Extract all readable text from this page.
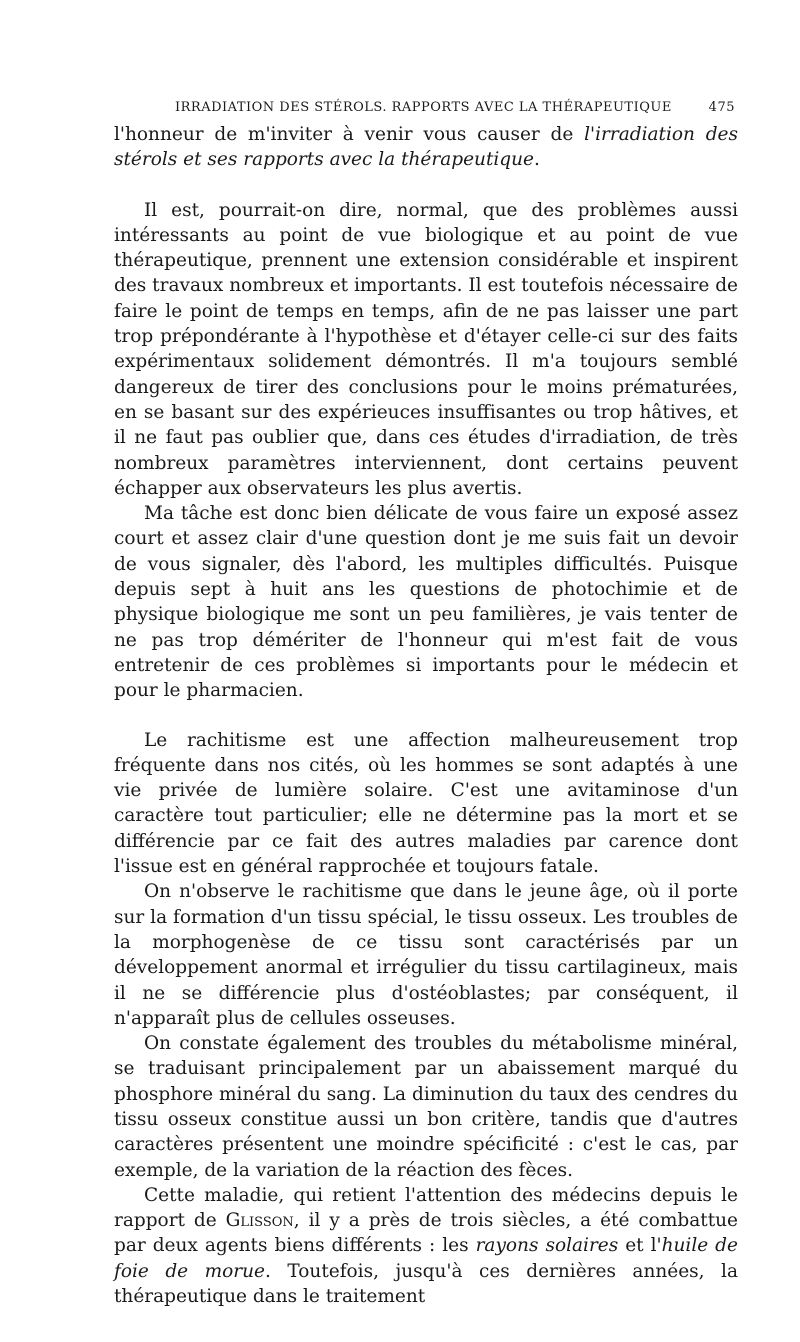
IRRADIATION DES STÉROLS. RAPPORTS AVEC LA THÉRAPEUTIQUE	475

l'honneur de m'inviter à venir vous causer de l'irradiation des stérols et ses rapports avec la thérapeutique.

Il est, pourrait-on dire, normal, que des problèmes aussi intéressants au point de vue biologique et au point de vue thérapeutique, prennent une extension considérable et inspirent des travaux nombreux et importants. Il est toutefois nécessaire de faire le point de temps en temps, afin de ne pas laisser une part trop prépondérante à l'hypothèse et d'étayer celle-ci sur des faits expérimentaux solidement démontrés. Il m'a toujours semblé dangereux de tirer des conclusions pour le moins prématurées, en se basant sur des expérieuces insuffisantes ou trop hâtives, et il ne faut pas oublier que, dans ces études d'irradiation, de très nombreux paramètres interviennent, dont certains peuvent échapper aux observateurs les plus avertis.

Ma tâche est donc bien délicate de vous faire un exposé assez court et assez clair d'une question dont je me suis fait un devoir de vous signaler, dès l'abord, les multiples difficultés. Puisque depuis sept à huit ans les questions de photochimie et de physique biologique me sont un peu familières, je vais tenter de ne pas trop démériter de l'honneur qui m'est fait de vous entretenir de ces problèmes si importants pour le médecin et pour le pharmacien.

Le rachitisme est une affection malheureusement trop fréquente dans nos cités, où les hommes se sont adaptés à une vie privée de lumière solaire. C'est une avitaminose d'un caractère tout particulier; elle ne détermine pas la mort et se différencie par ce fait des autres maladies par carence dont l'issue est en général rapprochée et toujours fatale.

On n'observe le rachitisme que dans le jeune âge, où il porte sur la formation d'un tissu spécial, le tissu osseux. Les troubles de la morphogenèse de ce tissu sont caractérisés par un développement anormal et irrégulier du tissu cartilagineux, mais il ne se différencie plus d'ostéoblastes; par conséquent, il n'apparaît plus de cellules osseuses.

On constate également des troubles du métabolisme minéral, se traduisant principalement par un abaissement marqué du phosphore minéral du sang. La diminution du taux des cendres du tissu osseux constitue aussi un bon critère, tandis que d'autres caractères présentent une moindre spécificité : c'est le cas, par exemple, de la variation de la réaction des fèces.

Cette maladie, qui retient l'attention des médecins depuis le rapport de Glisson, il y a près de trois siècles, a été combattue par deux agents biens différents : les rayons solaires et l'huile de foie de morue. Toutefois, jusqu'à ces dernières années, la thérapeutique dans le traitement
